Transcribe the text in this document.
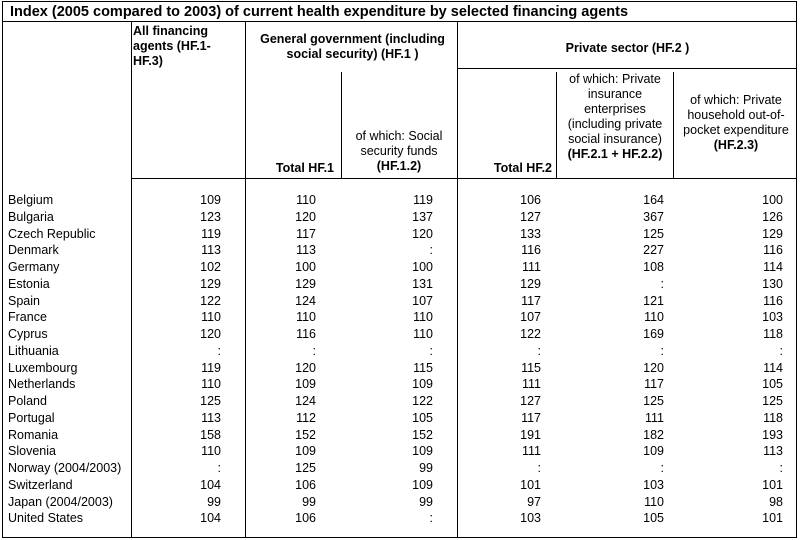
Index (2005 compared to 2003) of current health expenditure by selected financing agents
All financing agents (HF.1-HF.3)
General government (including social security) (HF.1 )	Private sector (HF.2 )
Total HF.1
of which: Social security funds
(HF.1.2)	Total HF.2
of which: Private insurance enterprises (including private social insurance)
(HF.2.1 + HF.2.2)
of which: Private household out-of-pocket expenditure
(HF.2.3)
Belgium	109	110	119	106	164	100
Bulgaria	123	120	137	127	367	126
Czech Republic	119	117	120	133	125	129
Denmark	113	113	:	116	227	116
Germany	102	100	100	111	108	114
Estonia	129	129	131	129	:	130
Spain	122	124	107	117	121	116
France	110	110	110	107	110	103
Cyprus	120	116	110	122	169	118
Lithuania	:	:	:	:	:	:
Luxembourg	119	120	115	115	120	114
Netherlands	110	109	109	111	117	105
Poland	125	124	122	127	125	125
Portugal	113	112	105	117	111	118
Romania	158	152	152	191	182	193
Slovenia	110	109	109	111	109	113
Norway (2004/2003)	:	125	99	:	:	:
Switzerland	104	106	109	101	103	101
Japan (2004/2003)	99	99	99	97	110	98
United States	104	106	:	103	105	101
